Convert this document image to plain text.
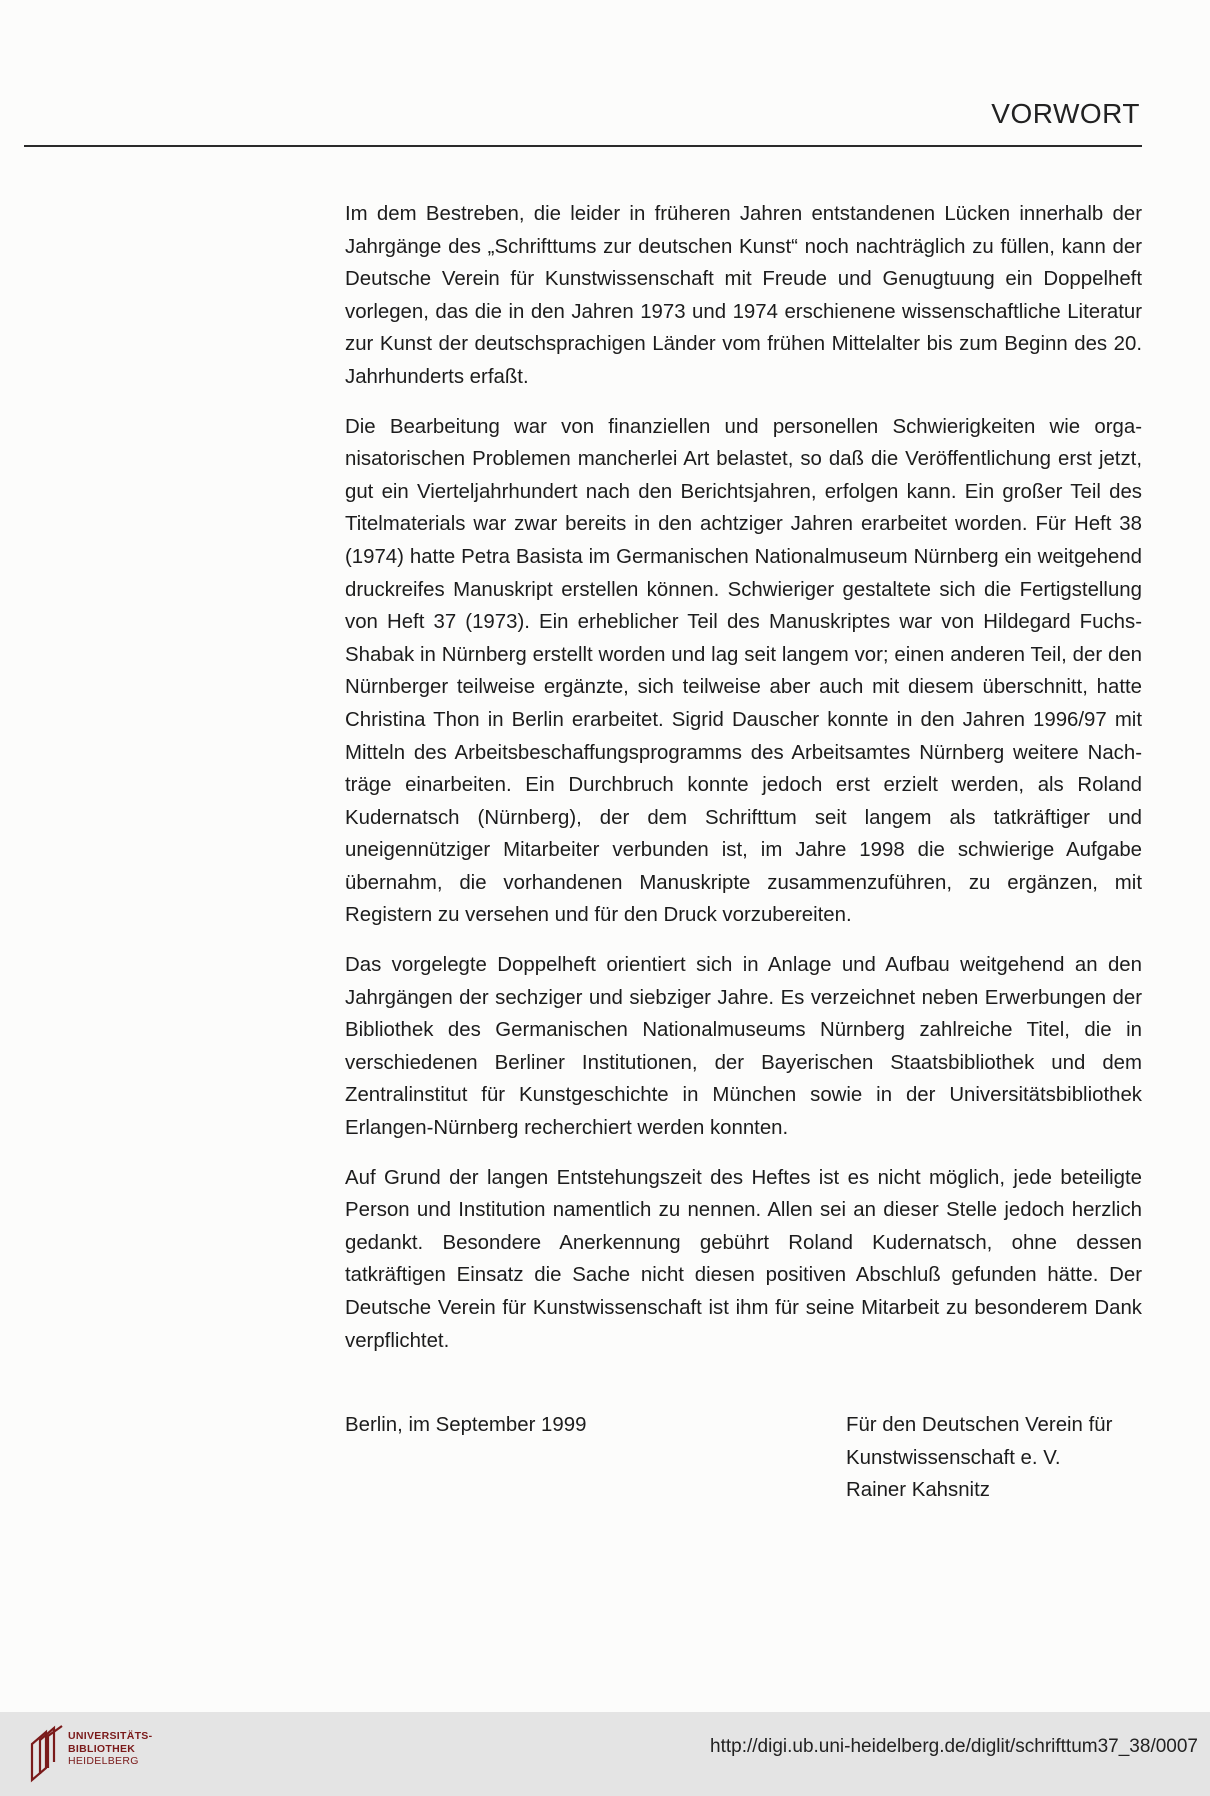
VORWORT

Im dem Bestreben, die leider in früheren Jahren entstandenen Lücken innerhalb der Jahrgänge des „Schrifttums zur deutschen Kunst“ noch nachträglich zu füllen, kann der Deutsche Verein für Kunstwissenschaft mit Freude und Genugtuung ein Doppelheft vorlegen, das die in den Jahren 1973 und 1974 erschienene wissenschaftliche Literatur zur Kunst der deutschsprachigen Länder vom frühen Mittelalter bis zum Beginn des 20. Jahrhunderts erfaßt.

Die Bearbeitung war von finanziellen und personellen Schwierigkeiten wie organisatorischen Problemen mancherlei Art belastet, so daß die Veröffentlichung erst jetzt, gut ein Vierteljahrhundert nach den Berichtsjahren, erfolgen kann. Ein großer Teil des Titelmaterials war zwar bereits in den achtziger Jahren erarbeitet worden. Für Heft 38 (1974) hatte Petra Basista im Germanischen Nationalmuseum Nürnberg ein weitgehend druckreifes Manuskript erstellen können. Schwieriger gestaltete sich die Fertigstellung von Heft 37 (1973). Ein erheblicher Teil des Manuskriptes war von Hildegard Fuchs-Shabak in Nürnberg erstellt worden und lag seit langem vor; einen anderen Teil, der den Nürnberger teilweise ergänzte, sich teilweise aber auch mit diesem überschnitt, hatte Christina Thon in Berlin erarbeitet. Sigrid Dauscher konnte in den Jahren 1996/97 mit Mitteln des Arbeitsbeschaffungsprogramms des Arbeitsamtes Nürnberg weitere Nachträge einarbeiten. Ein Durchbruch konnte jedoch erst erzielt werden, als Roland Kudernatsch (Nürnberg), der dem Schrifttum seit langem als tatkräftiger und uneigennütziger Mitarbeiter verbunden ist, im Jahre 1998 die schwierige Aufgabe übernahm, die vorhandenen Manuskripte zusammenzuführen, zu ergänzen, mit Registern zu versehen und für den Druck vorzubereiten.

Das vorgelegte Doppelheft orientiert sich in Anlage und Aufbau weitgehend an den Jahrgängen der sechziger und siebziger Jahre. Es verzeichnet neben Erwerbungen der Bibliothek des Germanischen Nationalmuseums Nürnberg zahlreiche Titel, die in verschiedenen Berliner Institutionen, der Bayerischen Staatsbibliothek und dem Zentralinstitut für Kunstgeschichte in München sowie in der Universitätsbibliothek Erlangen-Nürnberg recherchiert werden konnten.

Auf Grund der langen Entstehungszeit des Heftes ist es nicht möglich, jede beteiligte Person und Institution namentlich zu nennen. Allen sei an dieser Stelle jedoch herzlich gedankt. Besondere Anerkennung gebührt Roland Kudernatsch, ohne dessen tatkräftigen Einsatz die Sache nicht diesen positiven Abschluß gefunden hätte. Der Deutsche Verein für Kunstwissenschaft ist ihm für seine Mitarbeit zu besonderem Dank verpflichtet.

Berlin, im September 1999	Für den Deutschen Verein für
Kunstwissenschaft e. V.
Rainer Kahsnitz
UNIVERSITÄTS-
BIBLIOTHEK
HEIDELBERG
http://digi.ub.uni-heidelberg.de/diglit/schrifttum37_38/0007
